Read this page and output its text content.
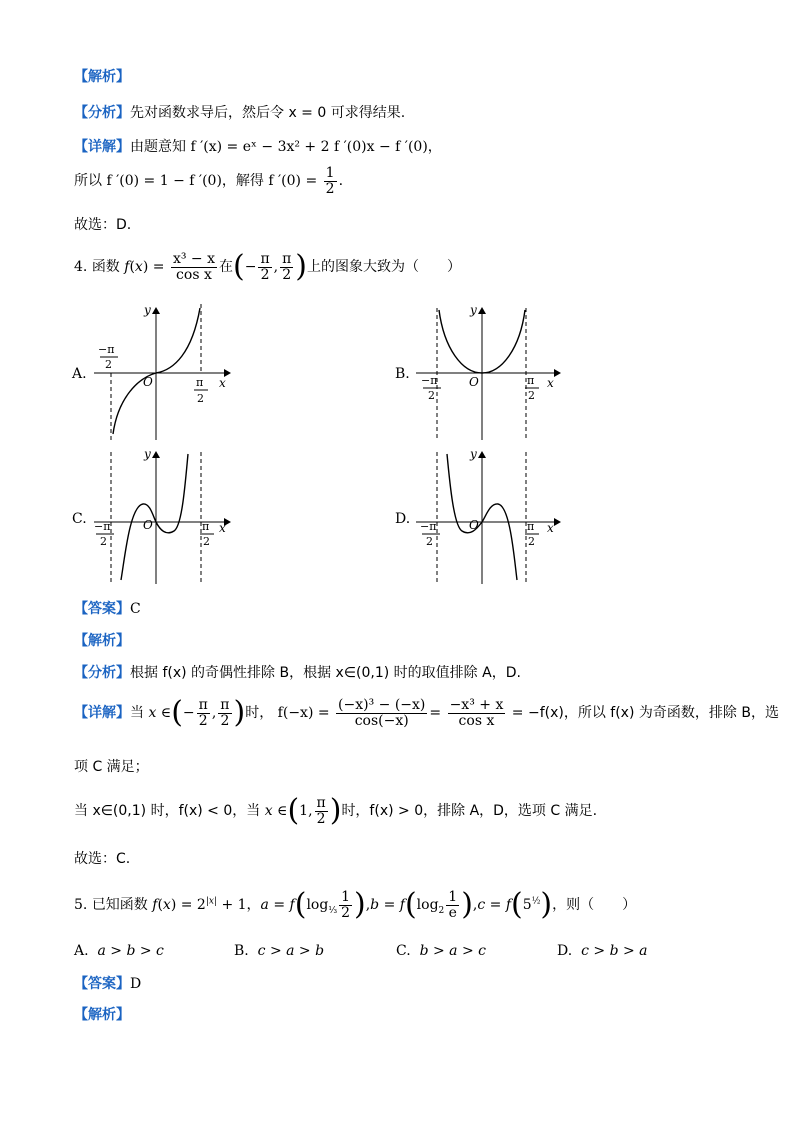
【解析】
【分析】先对函数求导后，然后令 x = 0 可求得结果.
【详解】由题意知 f ′(x) = eˣ − 3x² + 2 f ′(0)x − f ′(0)，
所以 f ′(0) = 1 − f ′(0)，解得 f $'(0) = \frac{1}{2}$ .
故选：D.
4. 函数 $f(x) = \frac{\text{x³ − x}}{\text{cos x}}$ 在(− $\frac{\pi}{2}$ , $\frac{\pi}{2}$ )上的图象大致为（　　）
A.	B.
C.	D.
y
x
O
−π
2
π
2
y
x
O
−π
2
π
2
y
x
O
−π
2
π
2
y
x
O
−π
2
π
2
【答案】C
【解析】
【分析】根据 f(x) 的奇偶性排除 B，根据 x∈(0,1) 时的取值排除 A，D.
【详解】当 x ∈(− $\frac{\pi}{2}$ , $\frac{\pi}{2}$ )时， $f(-x) = \frac{\text{(−x)³ − (−x)}}{\cos(-x)} = \frac{\text{−x³ + x}}{\text{cos x}} = -f(x)$，所以 f(x) 为奇函数，排除 B，选
项 C 满足；
当 x∈(0,1) 时，f(x) < 0，当 x ∈(1, $\frac{\pi}{2}$ )时，f(x) > 0，排除 A，D，选项 C 满足.
故选：C.
5. 已知函数 $f(x) = 2^{|x|} + 1$，$a = f(\log_{\frac{1}{3}} \frac{1}{2} ),b = f(\log_2 \frac{1}{e} ),c = f(5^{\frac{1}{2}})$，则（　　）
A. a > b > c	B. c > a > b	C. b > a > c	D. c > b > a
【答案】D
【解析】
